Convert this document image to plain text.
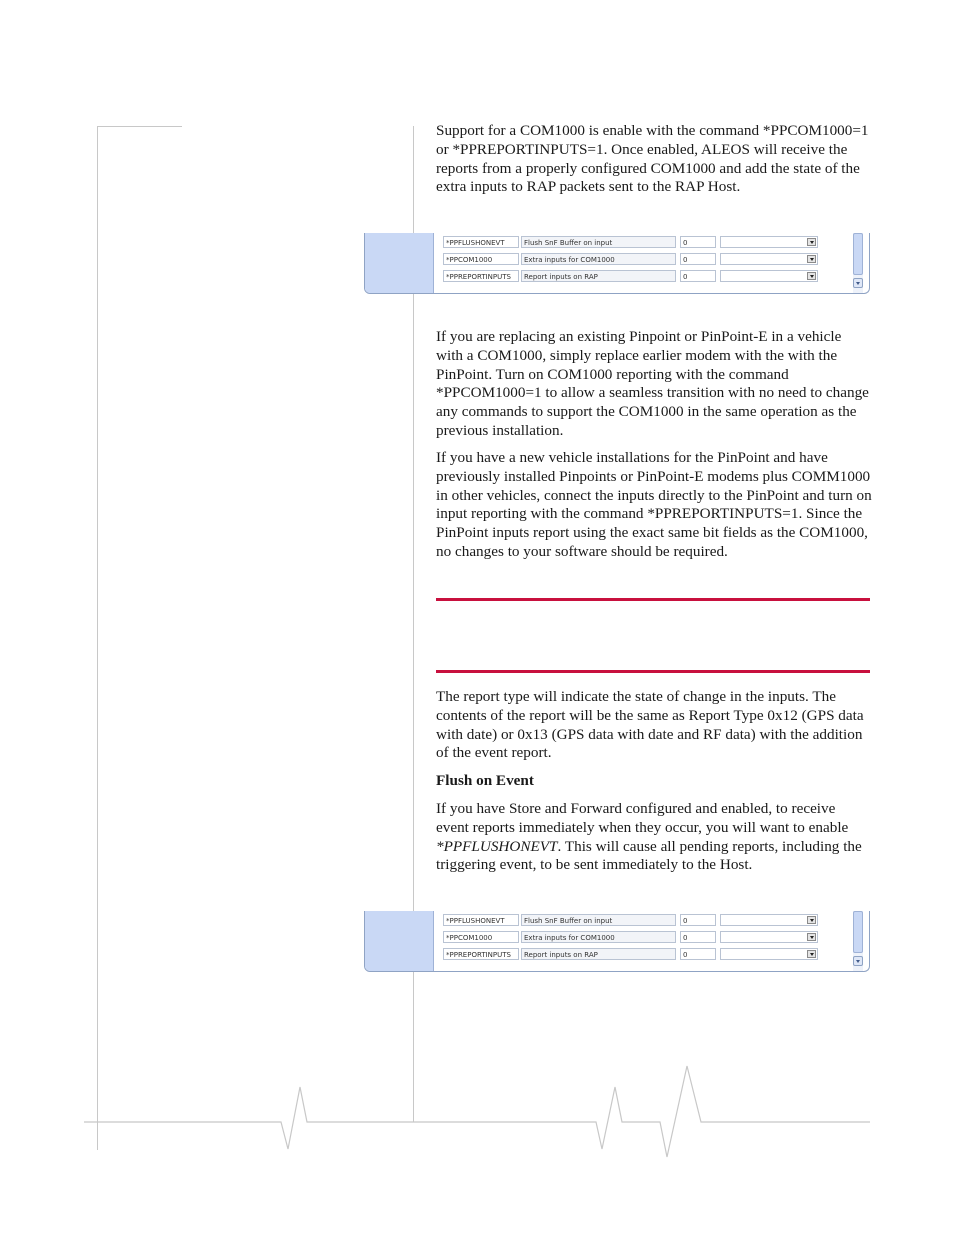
Support for a COM1000 is enable with the command *PPCOM1000=1 or *PPREPORTINPUTS=1. Once enabled, ALEOS will receive the reports from a properly configured COM1000 and add the state of the extra inputs to RAP packets sent to the RAP Host.

*PPFLUSHONEVT	Flush SnF Buffer on input	0
*PPCOM1000	Extra inputs for COM1000	0
*PPREPORTINPUTS	Report inputs on RAP	0

If you are replacing an existing Pinpoint or PinPoint-E in a vehicle with a COM1000, simply replace earlier modem with the with the PinPoint. Turn on COM1000 reporting with the command *PPCOM1000=1 to allow a seamless transition with no need to change any commands to support the COM1000 in the same operation as the previous installation.

If you have a new vehicle installations for the PinPoint and have previously installed Pinpoints or PinPoint-E modems plus COMM1000 in other vehicles, connect the inputs directly to the PinPoint and turn on input reporting with the command *PPREPORTINPUTS=1. Since the PinPoint inputs report using the exact same bit fields as the COM1000, no changes to your software should be required.

The report type will indicate the state of change in the inputs. The contents of the report will be the same as Report Type 0x12 (GPS data with date) or 0x13 (GPS data with date and RF data) with the addition of the event report.

Flush on Event

If you have Store and Forward configured and enabled, to receive event reports immediately when they occur, you will want to enable *PPFLUSHONEVT. This will cause all pending reports, including the triggering event, to be sent immediately to the Host.

*PPFLUSHONEVT	Flush SnF Buffer on input	0
*PPCOM1000	Extra inputs for COM1000	0
*PPREPORTINPUTS	Report inputs on RAP	0
